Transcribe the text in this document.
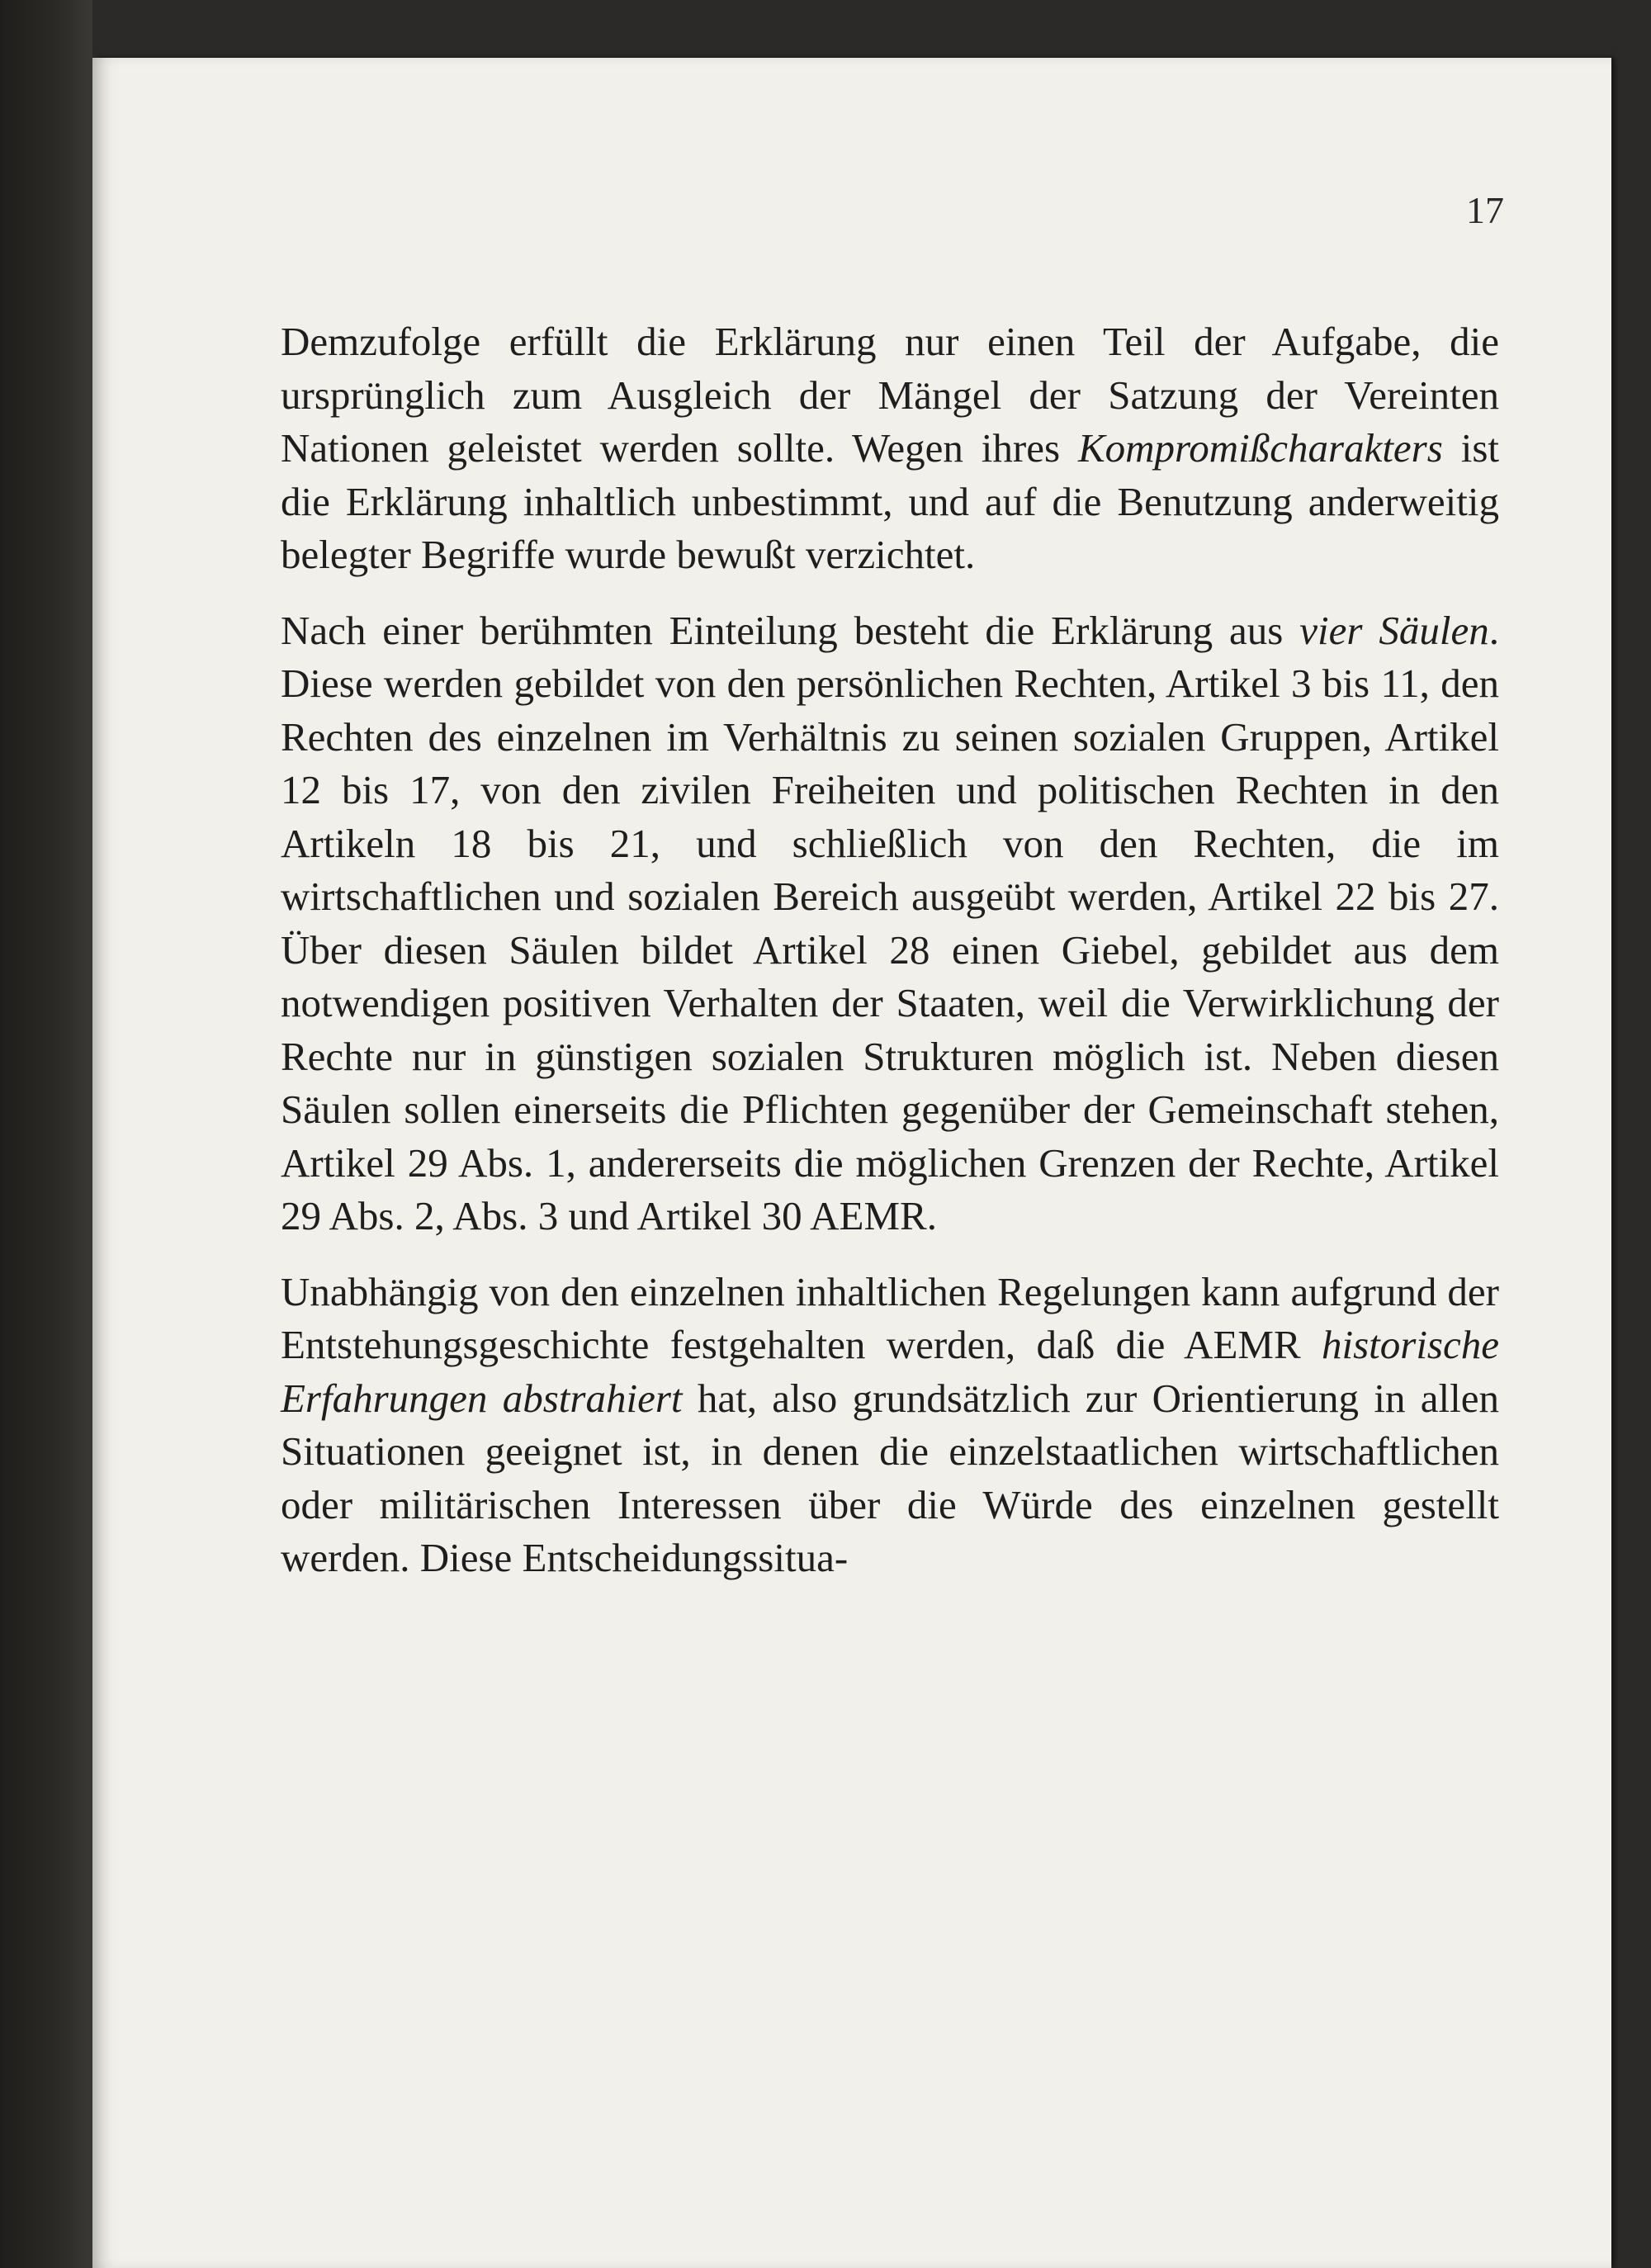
17

Demzufolge erfüllt die Erklärung nur einen Teil der Aufgabe, die ursprünglich zum Ausgleich der Mängel der Satzung der Vereinten Nationen geleistet werden sollte. Wegen ihres Kompromißcharakters ist die Erklärung inhaltlich unbestimmt, und auf die Benutzung anderweitig belegter Begriffe wurde bewußt verzichtet.

Nach einer berühmten Einteilung besteht die Erklärung aus vier Säulen. Diese werden gebildet von den persönlichen Rechten, Artikel 3 bis 11, den Rechten des einzelnen im Verhältnis zu seinen sozialen Gruppen, Artikel 12 bis 17, von den zivilen Freiheiten und politischen Rechten in den Artikeln 18 bis 21, und schließlich von den Rechten, die im wirtschaftlichen und sozialen Bereich ausgeübt werden, Artikel 22 bis 27. Über diesen Säulen bildet Artikel 28 einen Giebel, gebildet aus dem notwendigen positiven Verhalten der Staaten, weil die Verwirklichung der Rechte nur in günstigen sozialen Strukturen möglich ist. Neben diesen Säulen sollen einerseits die Pflichten gegenüber der Gemeinschaft stehen, Artikel 29 Abs. 1, andererseits die möglichen Grenzen der Rechte, Artikel 29 Abs. 2, Abs. 3 und Artikel 30 AEMR.

Unabhängig von den einzelnen inhaltlichen Regelungen kann aufgrund der Entstehungsgeschichte festgehalten werden, daß die AEMR historische Erfahrungen abstrahiert hat, also grundsätzlich zur Orientierung in allen Situationen geeignet ist, in denen die einzelstaatlichen wirtschaftlichen oder militärischen Interessen über die Würde des einzelnen gestellt werden. Diese Entscheidungssitua-
